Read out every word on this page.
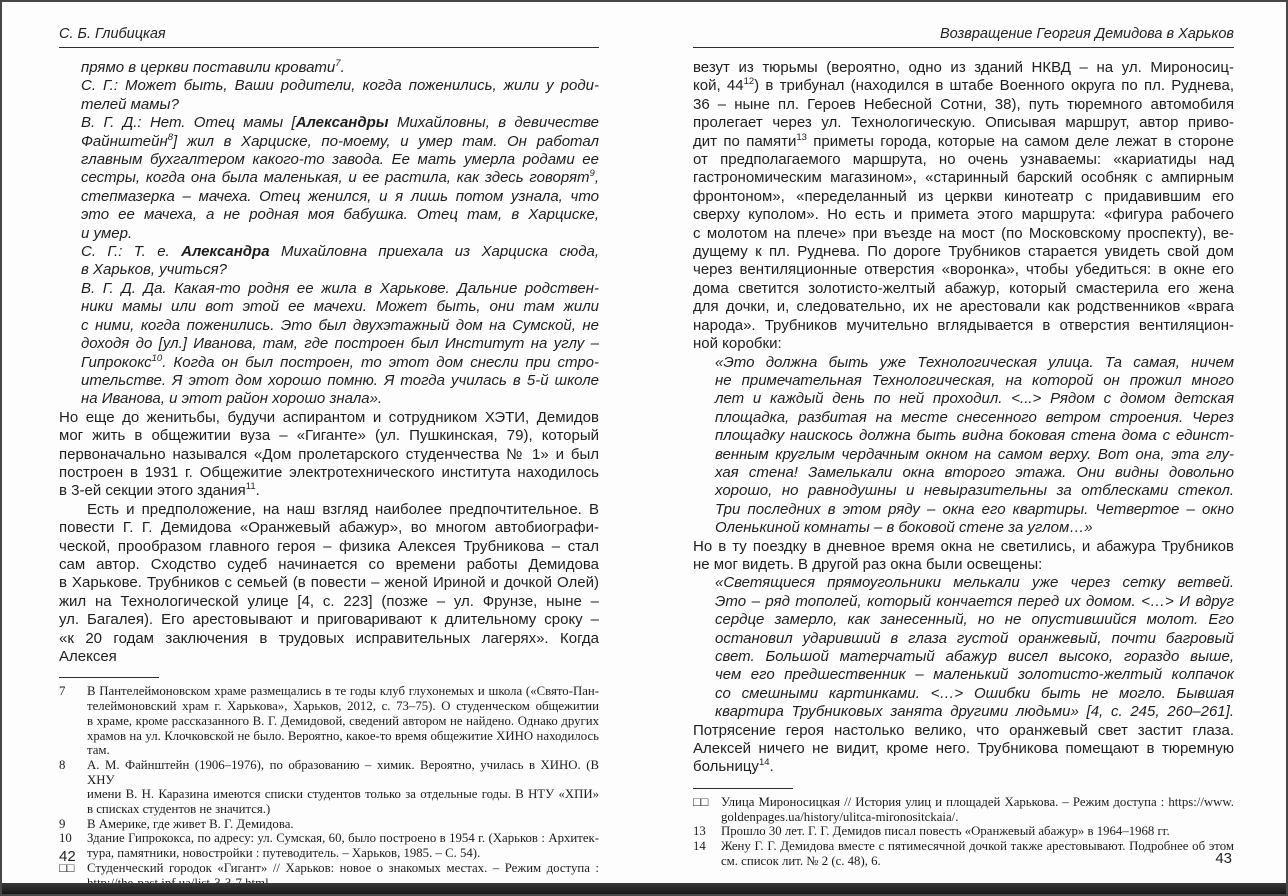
С. Б. Глибицкая
прямо в церкви поставили кровати$^7$.
С. Г.: Может быть, Ваши родители, когда поженились, жили у роди-
телей мамы?
В. Г. Д.: Нет. Отец мамы [Александры Михайловны, в девичестве
Файнштейн$^8$] жил в Харциске, по-моему, и умер там. Он работал
главным бухгалтером какого-то завода. Ее мать умерла родами ее
сестры, когда она была маленькая, и ее растила, как здесь говорят$^9$,
степмазерка – мачеха. Отец женился, и я лишь потом узнала, что
это ее мачеха, а не родная моя бабушка. Отец там, в Харциске,
и умер.
С. Г.: Т. е. Александра Михайловна приехала из Харциска сюда,
в Харьков, учиться?
В. Г. Д. Да. Какая-то родня ее жила в Харькове. Дальние родствен-
ники мамы или вот этой ее мачехи. Может быть, они там жили
с ними, когда поженились. Это был двухэтажный дом на Сумской, не
доходя до [ул.] Иванова, там, где построен был Институт на углу –
Гипрококс$^{10}$. Когда он был построен, то этот дом снесли при стро-
ительстве. Я этот дом хорошо помню. Я тогда училась в 5-й школе
на Иванова, и этот район хорошо знала».
Но еще до женитьбы, будучи аспирантом и сотрудником ХЭТИ, Демидов
мог жить в общежитии вуза – «Гиганте» (ул. Пушкинская, 79), который
первоначально назывался «Дом пролетарского студенчества № 1» и был
построен в 1931 г. Общежитие электротехнического института находилось
в 3-ей секции этого здания$^{11}$.
Есть и предположение, на наш взгляд наиболее предпочтительное. В
повести Г. Г. Демидова «Оранжевый абажур», во многом автобиографи-
ческой, прообразом главного героя – физика Алексея Трубникова – стал
сам автор. Сходство судеб начинается со времени работы Демидова
в Харькове. Трубников с семьей (в повести – женой Ириной и дочкой Олей)
жил на Технологической улице [4, с. 223] (позже – ул. Фрунзе, ныне –
ул. Багалея). Его арестовывают и приговаривают к длительному сроку –
«к 20 годам заключения в трудовых исправительных лагерях». Когда Алексея
7	В Пантелеймоновском храме размещались в те годы клуб глухонемых и школа («Свято-Пан-
телеймоновский храм г. Харькова», Харьков, 2012, с. 73–75). О студенческом общежитии
в храме, кроме рассказанного В. Г. Демидовой, сведений автором не найдено. Однако других
храмов на ул. Клочковской не было. Вероятно, какое-то время общежитие ХИНО находилось
там.
8	А. М. Файнштейн (1906–1976), по образованию – химик. Вероятно, училась в ХИНО. (В ХНУ
имени В. Н. Каразина имеются списки студентов только за отдельные годы. В НТУ «ХПИ»
в списках студентов не значится.)
9	В Америке, где живет В. Г. Демидова.
10	Здание Гипрококса, по адресу: ул. Сумская, 60, было построено в 1954 г. (Харьков : Архитек-
тура, памятники, новостройки : путеводитель. – Харьков, 1985. – С. 54).
□□ Студенческий городок «Гигант» // Харьков: новое о знакомых местах. – Режим доступа :
Возвращение Георгия Демидова в Харьков
везут из тюрьмы (вероятно, одно из зданий НКВД – на ул. Мироносиц-
кой, $44^{12}$) в трибунал (находился в штабе Военного округа по пл. Руднева,
36 – ныне пл. Героев Небесной Сотни, 38), путь тюремного автомобиля
пролегает через ул. Технологическую. Описывая маршрут, автор приво-
дит по памяти$^{13}$ приметы города, которые на самом деле лежат в стороне
от предполагаемого маршрута, но очень узнаваемы: «кариатиды над
гастрономическим магазином», «старинный барский особняк с ампирным
фронтоном», «переделанный из церкви кинотеатр с придавившим его
сверху куполом». Но есть и примета этого маршрута: «фигура рабочего
с молотом на плече» при въезде на мост (по Московскому проспекту), ве-
дущему к пл. Руднева. По дороге Трубников старается увидеть свой дом
через вентиляционные отверстия «воронка», чтобы убедиться: в окне его
дома светится золотисто-желтый абажур, который смастерила его жена
для дочки, и, следовательно, их не арестовали как родственников «врага
народа». Трубников мучительно вглядывается в отверстия вентиляцион-
ной коробки:
«Это должна быть уже Технологическая улица. Та самая, ничем
не примечательная Технологическая, на которой он прожил много
лет и каждый день по ней проходил. <...> Рядом с домом детская
площадка, разбитая на месте снесенного ветром строения. Через
площадку наискось должна быть видна боковая стена дома с единст-
венным круглым чердачным окном на самом верху. Вот она, эта глу-
хая стена! Замелькали окна второго этажа. Они видны довольно
хорошо, но равнодушны и невыразительны за отблесками стекол.
Три последних в этом ряду – окна его квартиры. Четвертое – окно
Оленькиной комнаты – в боковой стене за углом…»
Но в ту поездку в дневное время окна не светились, и абажура Трубников
не мог видеть. В другой раз окна были освещены:
«Светящиеся прямоугольники мелькали уже через сетку ветвей.
Это – ряд тополей, который кончается перед их домом. <…> И вдруг
сердце замерло, как занесенный, но не опустившийся молот. Его
остановил ударивший в глаза густой оранжевый, почти багровый
свет. Большой матерчатый абажур висел высоко, гораздо выше,
чем его предшественник – маленький золотисто-желтый колпачок
со смешными картинками. <…> Ошибки быть не могло. Бывшая
квартира Трубниковых занята другими людьми» [4, с. 245, 260–261].
Потрясение героя настолько велико, что оранжевый свет застит глаза.
Алексей ничего не видит, кроме него. Трубникова помещают в тюремную
больницу$^{14}$.
□□ Улица Мироносицкая // История улиц и площадей Харькова. – Режим доступа : https://www.
goldenpages.ua/history/ulitca-mironositckaia/.
13	Прошло 30 лет. Г. Г. Демидов писал повесть «Оранжевый абажур» в 1964–1968 гг.
14	Жену Г. Г. Демидова вместе с пятимесячной дочкой также арестовывают. Подробнее об этом
см. список лит. № 2 (с. 48), 6.
42	43
